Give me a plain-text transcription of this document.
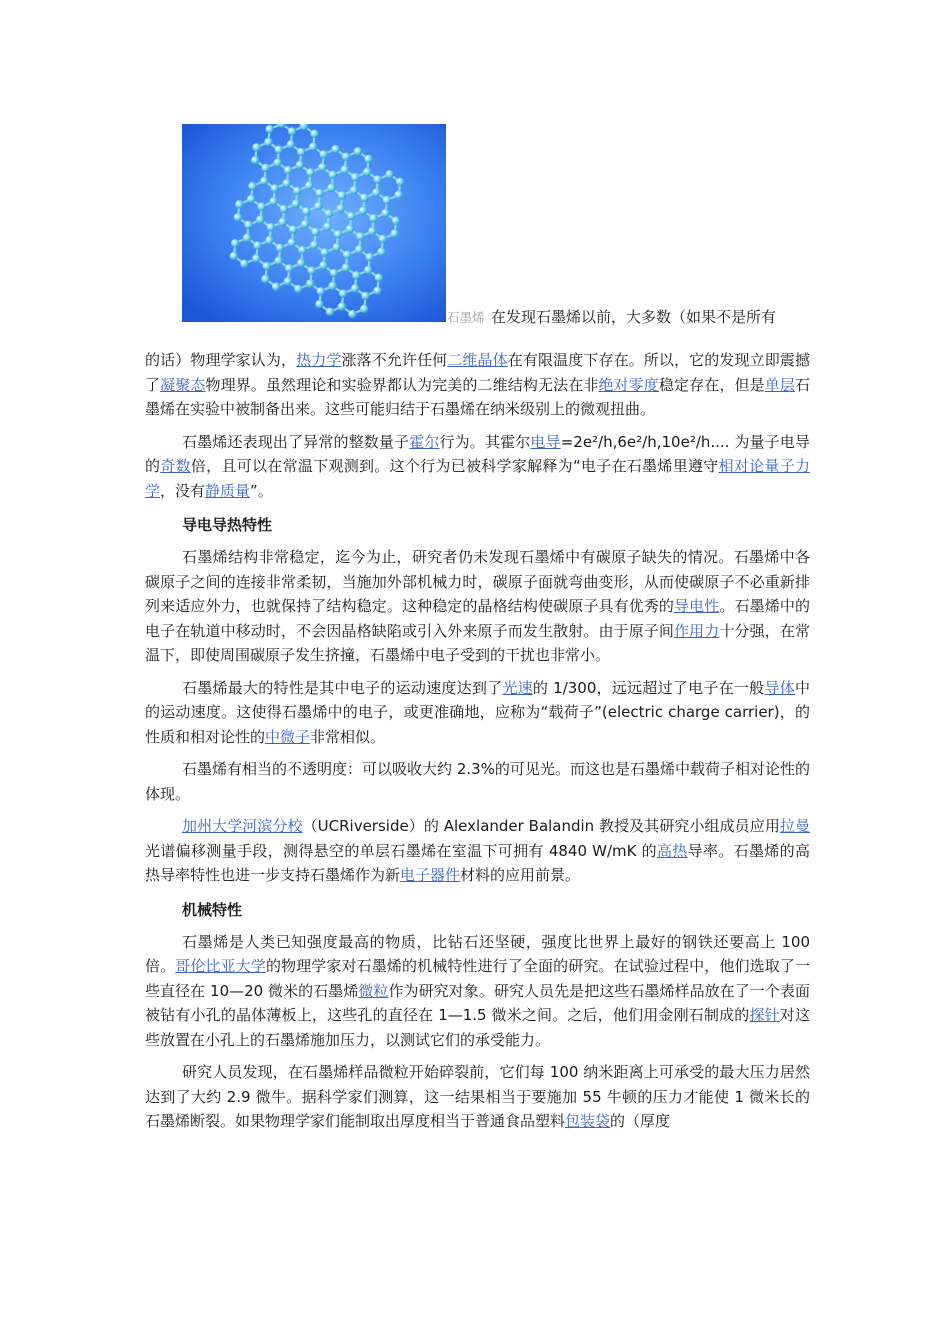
石墨烯 在发现石墨烯以前，大多数（如果不是所有

的话）物理学家认为，热力学涨落不允许任何二维晶体在有限温度下存在。所以，它的发现立即震撼了凝聚态物理界。虽然理论和实验界都认为完美的二维结构无法在非绝对零度稳定存在，但是单层石墨烯在实验中被制备出来。这些可能归结于石墨烯在纳米级别上的微观扭曲。

石墨烯还表现出了异常的整数量子霍尔行为。其霍尔电导=2e²/h,6e²/h,10e²/h.... 为量子电导的奇数倍，且可以在常温下观测到。这个行为已被科学家解释为“电子在石墨烯里遵守相对论量子力学，没有静质量”。

导电导热特性

石墨烯结构非常稳定，迄今为止，研究者仍未发现石墨烯中有碳原子缺失的情况。石墨烯中各碳原子之间的连接非常柔韧，当施加外部机械力时，碳原子面就弯曲变形，从而使碳原子不必重新排列来适应外力，也就保持了结构稳定。这种稳定的晶格结构使碳原子具有优秀的导电性。石墨烯中的电子在轨道中移动时，不会因晶格缺陷或引入外来原子而发生散射。由于原子间作用力十分强，在常温下，即使周围碳原子发生挤撞，石墨烯中电子受到的干扰也非常小。

石墨烯最大的特性是其中电子的运动速度达到了光速的 1/300，远远超过了电子在一般导体中的运动速度。这使得石墨烯中的电子，或更准确地，应称为“载荷子”(electric charge carrier)，的性质和相对论性的中微子非常相似。

石墨烯有相当的不透明度：可以吸收大约 2.3%的可见光。而这也是石墨烯中载荷子相对论性的体现。

加州大学河滨分校（UCRiverside）的 Alexlander Balandin 教授及其研究小组成员应用拉曼光谱偏移测量手段，测得悬空的单层石墨烯在室温下可拥有 4840 W/mK 的高热导率。石墨烯的高热导率特性也进一步支持石墨烯作为新电子器件材料的应用前景。

机械特性

石墨烯是人类已知强度最高的物质，比钻石还坚硬，强度比世界上最好的钢铁还要高上 100 倍。哥伦比亚大学的物理学家对石墨烯的机械特性进行了全面的研究。在试验过程中，他们选取了一些直径在 10—20 微米的石墨烯微粒作为研究对象。研究人员先是把这些石墨烯样品放在了一个表面被钻有小孔的晶体薄板上，这些孔的直径在 1—1.5 微米之间。之后，他们用金刚石制成的探针对这些放置在小孔上的石墨烯施加压力，以测试它们的承受能力。

研究人员发现，在石墨烯样品微粒开始碎裂前，它们每 100 纳米距离上可承受的最大压力居然达到了大约 2.9 微牛。据科学家们测算，这一结果相当于要施加 55 牛顿的压力才能使 1 微米长的石墨烯断裂。如果物理学家们能制取出厚度相当于普通食品塑料包装袋的（厚度
